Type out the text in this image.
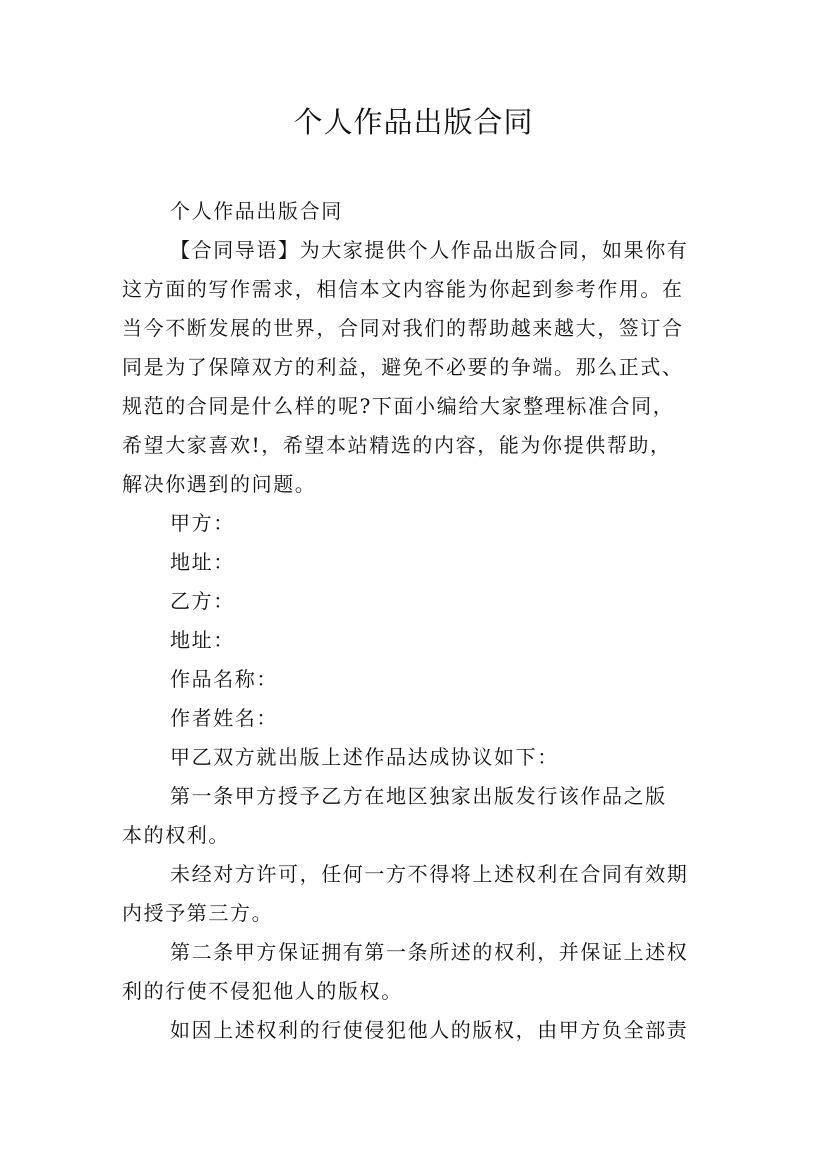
个人作品出版合同

个人作品出版合同

【合同导语】为大家提供个人作品出版合同，如果你有
这方面的写作需求，相信本文内容能为你起到参考作用。在
当今不断发展的世界，合同对我们的帮助越来越大，签订合
同是为了保障双方的利益，避免不必要的争端。那么正式、
规范的合同是什么样的呢?下面小编给大家整理标准合同，
希望大家喜欢!，希望本站精选的内容，能为你提供帮助，
解决你遇到的问题。

甲方：

地址：

乙方：

地址：

作品名称：

作者姓名：

甲乙双方就出版上述作品达成协议如下：

第一条甲方授予乙方在地区独家出版发行该作品之版
本的权利。

未经对方许可，任何一方不得将上述权利在合同有效期
内授予第三方。

第二条甲方保证拥有第一条所述的权利，并保证上述权
利的行使不侵犯他人的版权。

如因上述权利的行使侵犯他人的版权，由甲方负全部责
